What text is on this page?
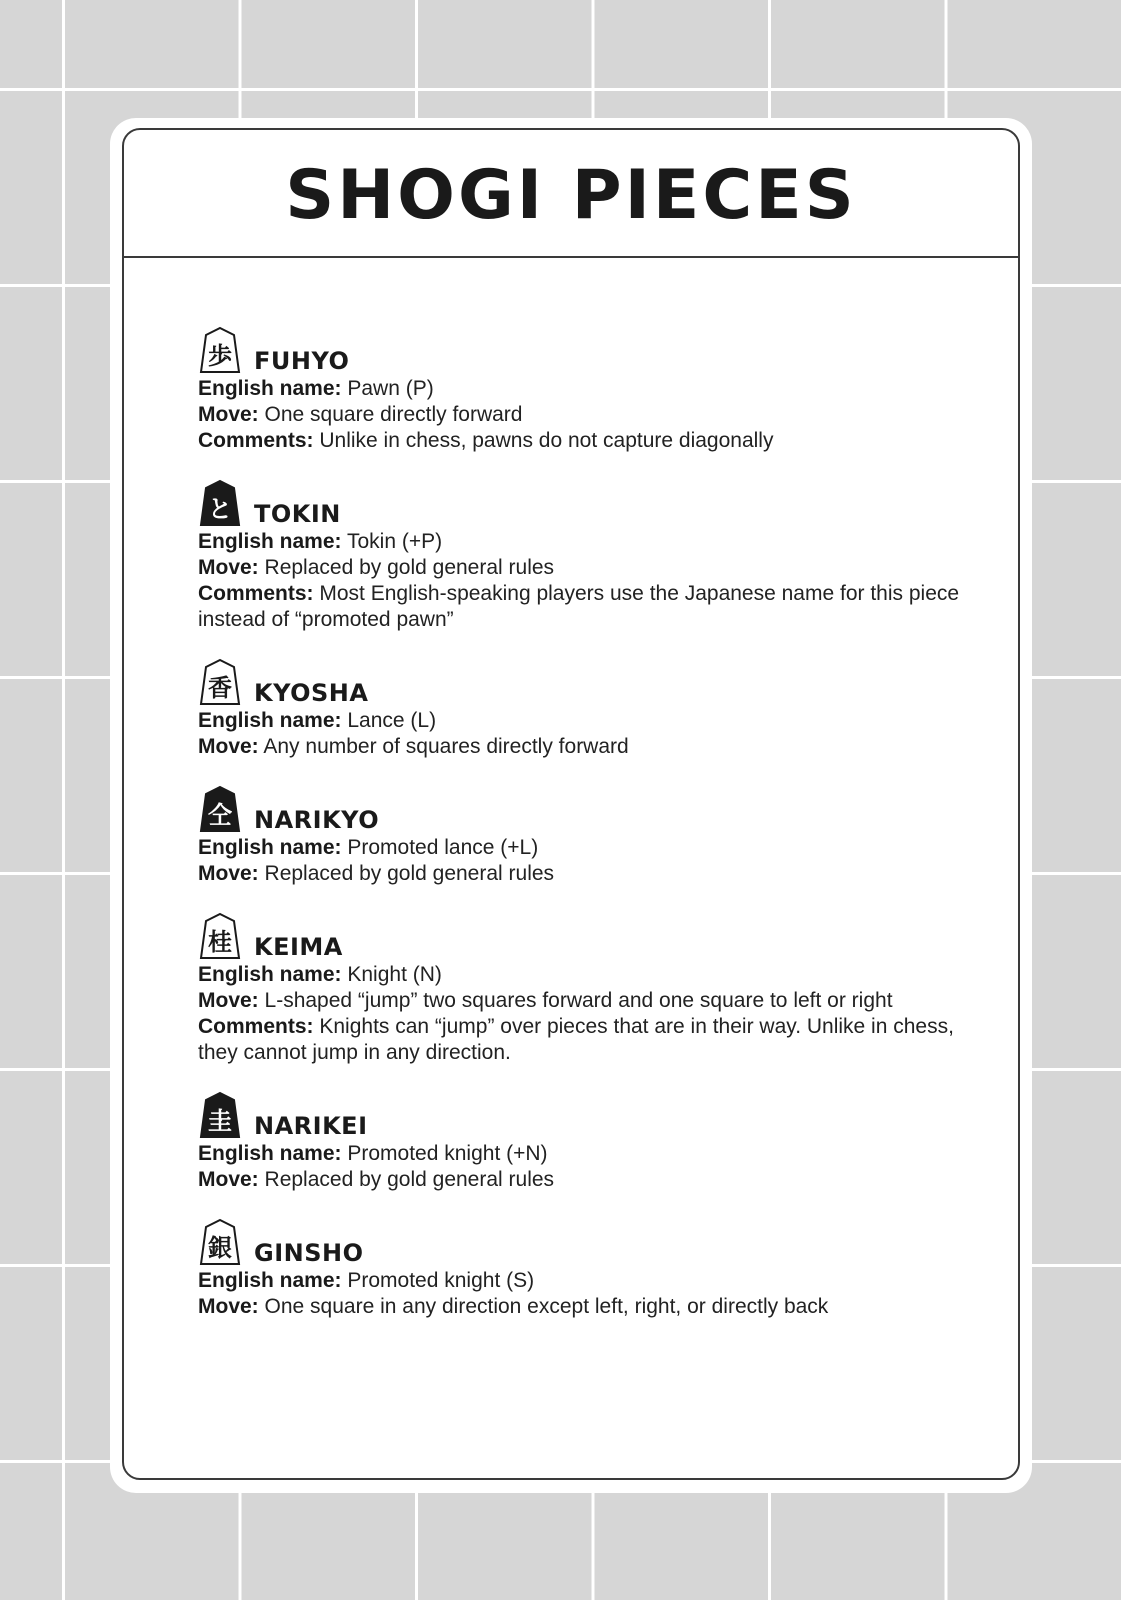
SHOGI PIECES
歩 FUHYO

English name: Pawn (P)

Move: One square directly forward

Comments: Unlike in chess, pawns do not capture diagonally

と TOKIN

English name: Tokin (+P)

Move: Replaced by gold general rules

Comments: Most English-speaking players use the Japanese name for this piece instead of “promoted pawn”

香 KYOSHA

English name: Lance (L)

Move: Any number of squares directly forward

仝 NARIKYO

English name: Promoted lance (+L)

Move: Replaced by gold general rules

桂 KEIMA

English name: Knight (N)

Move: L-shaped “jump” two squares forward and one square to left or right

Comments: Knights can “jump” over pieces that are in their way. Unlike in chess, they cannot jump in any direction.

圭 NARIKEI

English name: Promoted knight (+N)

Move: Replaced by gold general rules

銀 GINSHO

English name: Promoted knight (S)

Move: One square in any direction except left, right, or directly back
